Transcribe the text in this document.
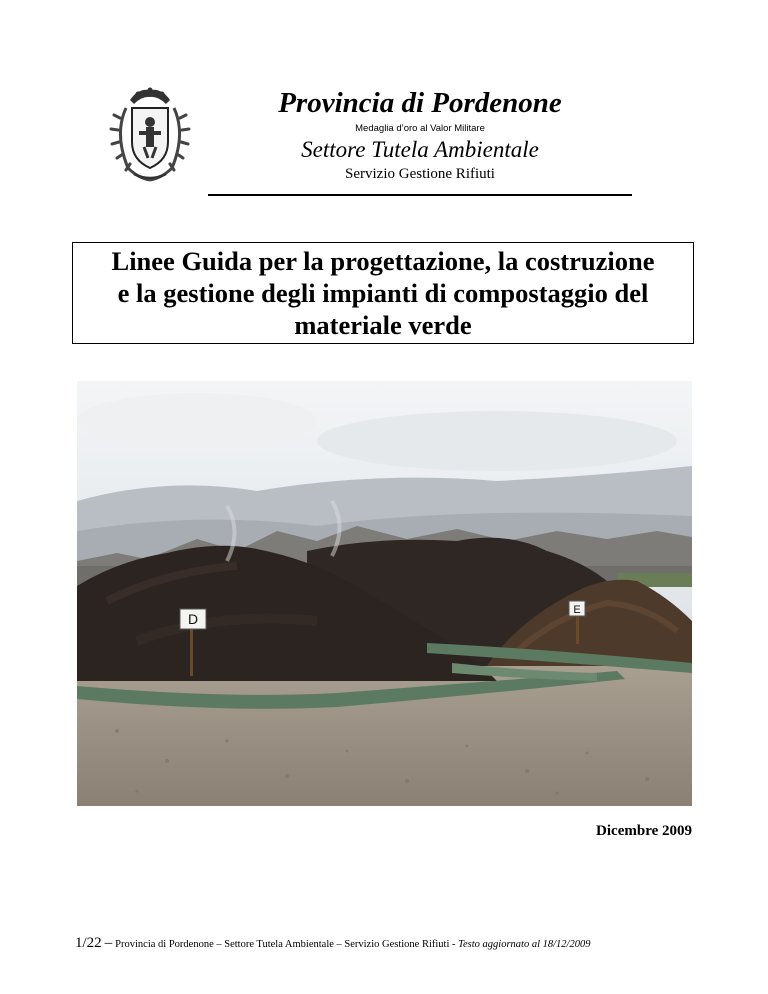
Provincia di Pordenone
Medaglia d’oro al Valor Militare
Settore Tutela Ambientale
Servizio Gestione Rifiuti
Linee Guida per la progettazione, la costruzione e la gestione degli impianti di compostaggio del materiale verde
D
E
Dicembre 2009
1/22 – Provincia di Pordenone – Settore Tutela Ambientale – Servizio Gestione Rifiuti - Testo aggiornato al 18/12/2009
